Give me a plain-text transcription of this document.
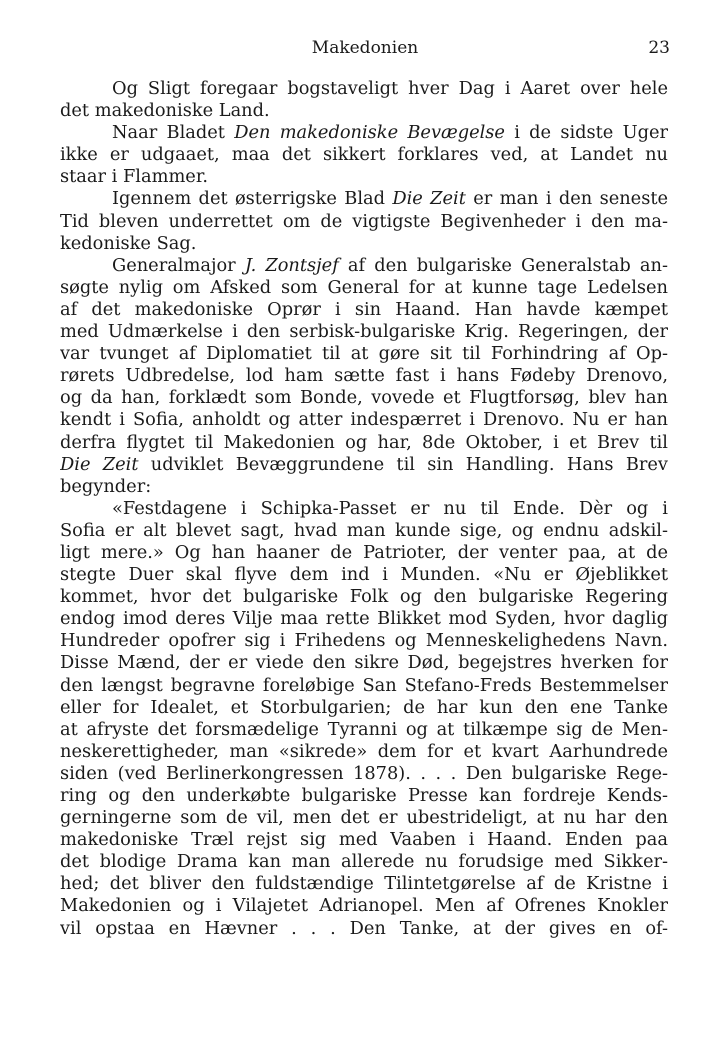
Makedonien	23
Og Sligt foregaar bogstaveligt hver Dag i Aaret over hele
det makedoniske Land.
Naar Bladet Den makedoniske Bevægelse i de sidste Uger
ikke er udgaaet, maa det sikkert forklares ved, at Landet nu
staar i Flammer.
Igennem det østerrigske Blad Die Zeit er man i den seneste
Tid bleven underrettet om de vigtigste Begivenheder i den ma-
kedoniske Sag.
Generalmajor J. Zontsjef af den bulgariske Generalstab an-
søgte nylig om Afsked som General for at kunne tage Ledelsen
af det makedoniske Oprør i sin Haand. Han havde kæmpet
med Udmærkelse i den serbisk-bulgariske Krig. Regeringen, der
var tvunget af Diplomatiet til at gøre sit til Forhindring af Op-
rørets Udbredelse, lod ham sætte fast i hans Fødeby Drenovo,
og da han, forklædt som Bonde, vovede et Flugtforsøg, blev han
kendt i Sofia, anholdt og atter indespærret i Drenovo. Nu er han
derfra flygtet til Makedonien og har, 8de Oktober, i et Brev til
Die Zeit udviklet Bevæggrundene til sin Handling. Hans Brev
begynder:
«Festdagene i Schipka-Passet er nu til Ende. Dèr og i
Sofia er alt blevet sagt, hvad man kunde sige, og endnu adskil-
ligt mere.» Og han haaner de Patrioter, der venter paa, at de
stegte Duer skal flyve dem ind i Munden. «Nu er Øjeblikket
kommet, hvor det bulgariske Folk og den bulgariske Regering
endog imod deres Vilje maa rette Blikket mod Syden, hvor daglig
Hundreder opofrer sig i Frihedens og Menneskelighedens Navn.
Disse Mænd, der er viede den sikre Død, begejstres hverken for
den længst begravne foreløbige San Stefano-Freds Bestemmelser
eller for Idealet, et Storbulgarien; de har kun den ene Tanke
at afryste det forsmædelige Tyranni og at tilkæmpe sig de Men-
neskerettigheder, man «sikrede» dem for et kvart Aarhundrede
siden (ved Berlinerkongressen 1878). . . . Den bulgariske Rege-
ring og den underkøbte bulgariske Presse kan fordreje Kends-
gerningerne som de vil, men det er ubestrideligt, at nu har den
makedoniske Træl rejst sig med Vaaben i Haand. Enden paa
det blodige Drama kan man allerede nu forudsige med Sikker-
hed; det bliver den fuldstændige Tilintetgørelse af de Kristne i
Makedonien og i Vilajetet Adrianopel. Men af Ofrenes Knokler
vil opstaa en Hævner . . . Den Tanke, at der gives en of-
